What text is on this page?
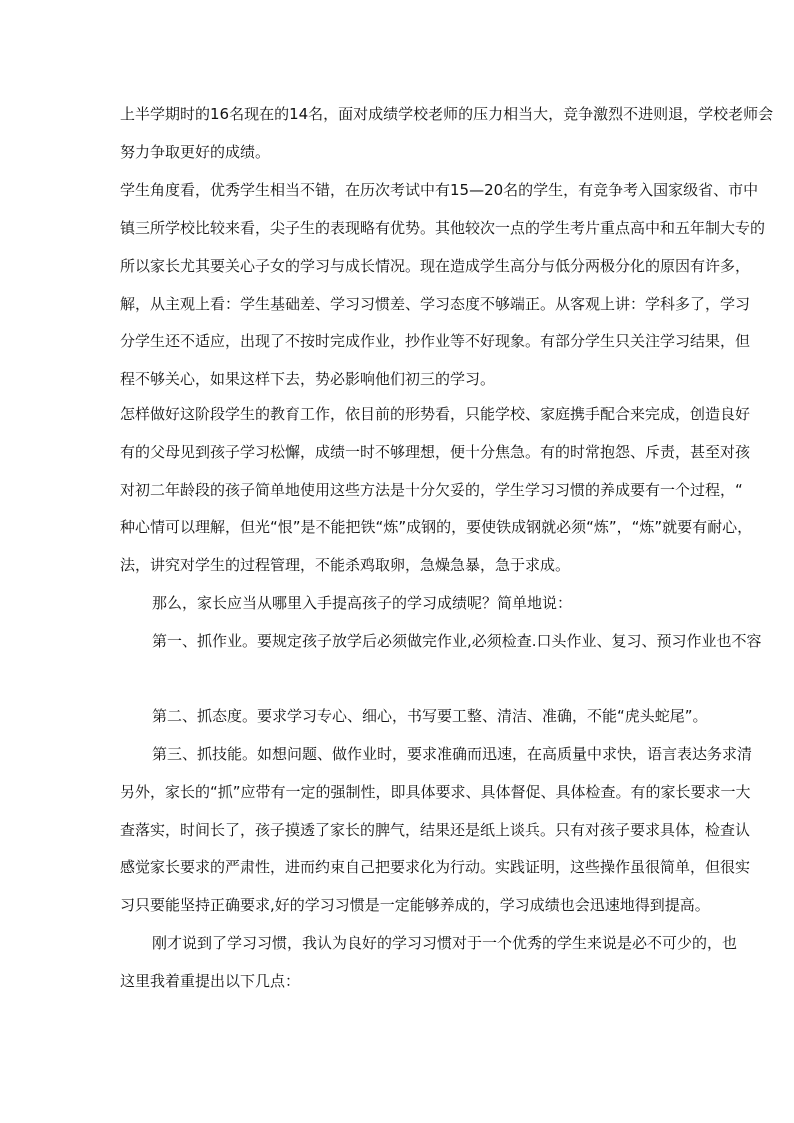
上半学期时的16名现在的14名，面对成绩学校老师的压力相当大，竞争激烈不进则退，学校老师会
努力争取更好的成绩。
学生角度看，优秀学生相当不错，在历次考试中有15—20名的学生，有竞争考入国家级省、市中
镇三所学校比较来看，尖子生的表现略有优势。其他较次一点的学生考片重点高中和五年制大专的
所以家长尤其要关心子女的学习与成长情况。现在造成学生高分与低分两极分化的原因有许多，
解，从主观上看：学生基础差、学习习惯差、学习态度不够端正。从客观上讲：学科多了，学习
分学生还不适应，出现了不按时完成作业，抄作业等不好现象。有部分学生只关注学习结果，但
程不够关心，如果这样下去，势必影响他们初三的学习。
怎样做好这阶段学生的教育工作，依目前的形势看，只能学校、家庭携手配合来完成，创造良好
有的父母见到孩子学习松懈，成绩一时不够理想，便十分焦急。有的时常抱怨、斥责，甚至对孩
对初二年龄段的孩子简单地使用这些方法是十分欠妥的，学生学习习惯的养成要有一个过程，“
种心情可以理解，但光“恨”是不能把铁“炼”成钢的，要使铁成钢就必须“炼”，“炼”就要有耐心，
法，讲究对学生的过程管理，不能杀鸡取卵，急燥急暴，急于求成。
那么，家长应当从哪里入手提高孩子的学习成绩呢？简单地说：
第一、抓作业。要规定孩子放学后必须做完作业,必须检查.口头作业、复习、预习作业也不容
第二、抓态度。要求学习专心、细心，书写要工整、清洁、准确，不能“虎头蛇尾”。
第三、抓技能。如想问题、做作业时，要求准确而迅速，在高质量中求快，语言表达务求清
另外，家长的“抓”应带有一定的强制性，即具体要求、具体督促、具体检查。有的家长要求一大
查落实，时间长了，孩子摸透了家长的脾气，结果还是纸上谈兵。只有对孩子要求具体，检查认
感觉家长要求的严肃性，进而约束自己把要求化为行动。实践证明，这些操作虽很简单，但很实
习只要能坚持正确要求,好的学习习惯是一定能够养成的，学习成绩也会迅速地得到提高。
刚才说到了学习习惯，我认为良好的学习习惯对于一个优秀的学生来说是必不可少的，也
这里我着重提出以下几点：
